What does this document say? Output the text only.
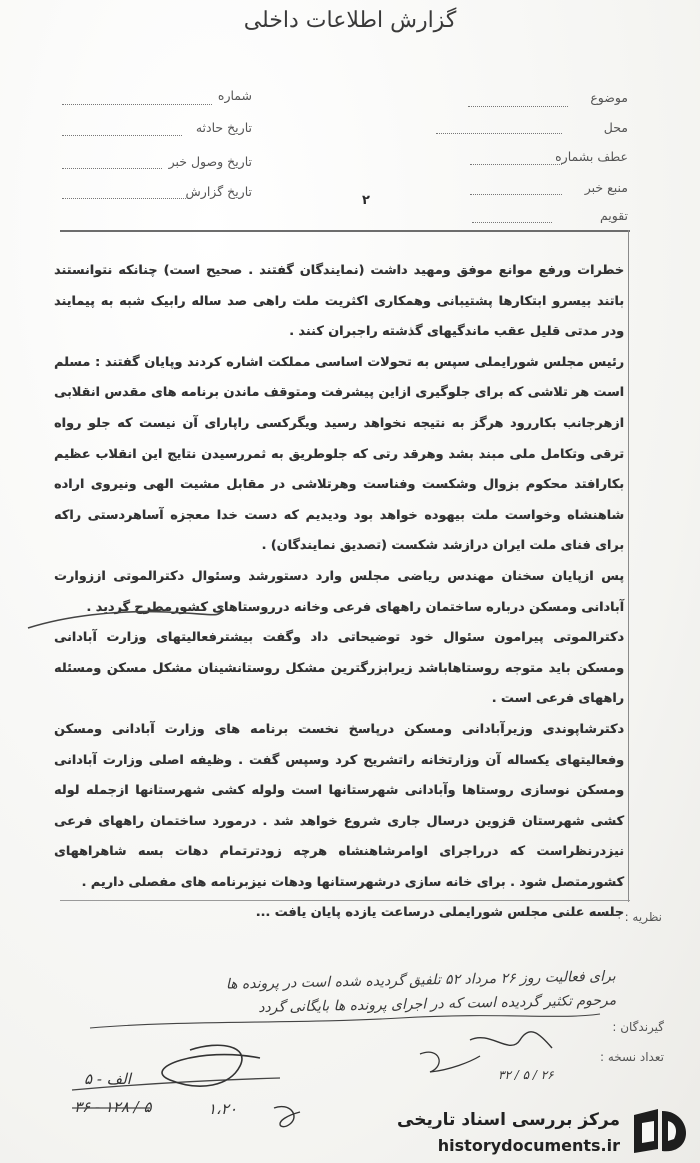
گزارش اطلاعات داخلی
موضوع
محل
عطف بشماره
منبع خبر
تقویم
شماره
تاریخ حادثه
تاریخ وصول خبر
تاریخ گزارش
۲

خطرات ورفع موانع موفق ومهید داشت (نمایندگان گفتند . صحیح است) چنانکه نتوانستند باتند بیسرو ابتکارها پشتیبانی وهمکاری اکثریت ملت راهی صد ساله رابیک شبه به پیمایند ودر مدتی قلیل عقب ماندگیهای گذشته راجبران کنند .

رئیس مجلس شورایملی سپس به تحولات اساسی مملکت اشاره کردند وپایان گفتند : مسلم است هر تلاشی که برای جلوگیری ازاین پیشرفت ومتوقف ماندن برنامه های مقدس انقلابی ازهرجانب بکاررود هرگز به نتیجه نخواهد رسید ویگرکسی راپارای آن نیست که جلو رواه ترقی وتکامل ملی مبند بشد وهرقد رتی که جلوطریق به ثمررسیدن نتایج این انقلاب عظیم بکارافتد محکوم بزوال وشکست وفناست وهرتلاشی در مقابل مشیت الهی ونیروی اراده شاهنشاه وخواست ملت بیهوده خواهد بود ودیدیم که دست خدا معجزه آساهردستی راکه برای فنای ملت ایران درازشد شکست (تصدیق نمایندگان) .

پس ازپایان سخنان مهندس ریاضی مجلس وارد دستورشد وسئوال دکترالموتی اززوارت آبادانی ومسکن درباره ساختمان راههای فرعی وخانه درروستاهای کشورمطرح گردید .

دکترالموتی پیرامون سئوال خود توضیحاتی داد وگفت بیشترفعالیتهای وزارت آبادانی ومسکن باید متوجه روستاهاباشد زیرابزرگترین مشکل روستانشینان مشکل مسکن ومسئله راههای فرعی است .

دکترشاپوندی وزیرآبادانی ومسکن درپاسخ نخست برنامه های وزارت آبادانی ومسکن وفعالیتهای یکساله آن وزارتخانه راتشریح کرد وسپس گفت . وظیفه اصلی وزارت آبادانی ومسکن نوسازی روستاها وآبادانی شهرستانها است ولوله کشی شهرستانها ازجمله لوله کشی شهرستان قزوین درسال جاری شروع خواهد شد . درمورد ساختمان راههای فرعی نیزدرنظراست که درراجرای اوامرشاهنشاه هرچه زودترتمام دهات بسه شاهراههای کشورمتصل شود . برای خانه سازی درشهرستانها ودهات نیزبرنامه های مفصلی داریم .

جلسه علنی مجلس شورایملی درساعت یازده پایان یافت ... نظریه :
برای فعالیت روز ۲۶ مرداد ۵۲ تلفیق گردیده شده است در پرونده ها
مرحوم تکثیر گردیده است که در اجرای پرونده ها بایگانی گردد
گیرندگان :
تعداد نسخه :
الف - ۵
۵ / ۱۲۸ - ۳۶	۱،۲۰
۲۶ / ۵ / ۳۲
مرکز بررسی اسناد تاریخی
historydocuments.ir
